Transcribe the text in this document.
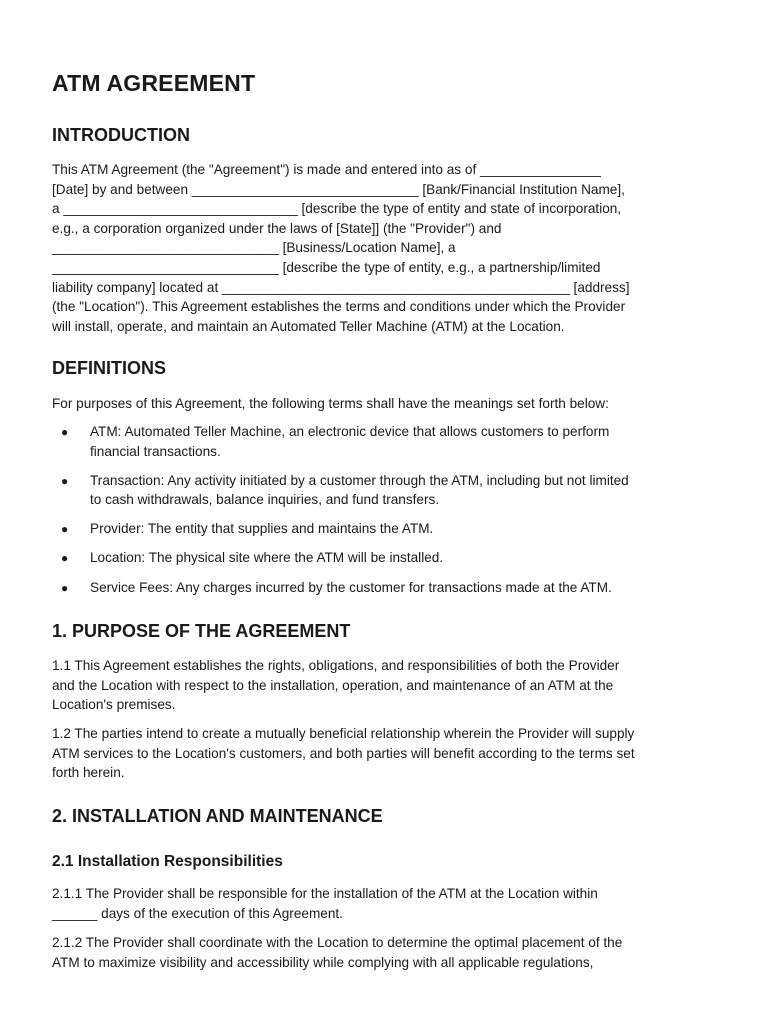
ATM AGREEMENT
INTRODUCTION

This ATM Agreement (the "Agreement") is made and entered into as of ________________
[Date] by and between ______________________________ [Bank/Financial Institution Name],
a _______________________________ [describe the type of entity and state of incorporation,
e.g., a corporation organized under the laws of [State]] (the "Provider") and
______________________________ [Business/Location Name], a
______________________________ [describe the type of entity, e.g., a partnership/limited
liability company] located at ______________________________________________ [address]
(the "Location"). This Agreement establishes the terms and conditions under which the Provider
will install, operate, and maintain an Automated Teller Machine (ATM) at the Location.

DEFINITIONS

For purposes of this Agreement, the following terms shall have the meanings set forth below:

● ATM: Automated Teller Machine, an electronic device that allows customers to perform
financial transactions.
● Transaction: Any activity initiated by a customer through the ATM, including but not limited
to cash withdrawals, balance inquiries, and fund transfers.
● Provider: The entity that supplies and maintains the ATM.
● Location: The physical site where the ATM will be installed.
● Service Fees: Any charges incurred by the customer for transactions made at the ATM.
1. PURPOSE OF THE AGREEMENT

1.1 This Agreement establishes the rights, obligations, and responsibilities of both the Provider
and the Location with respect to the installation, operation, and maintenance of an ATM at the
Location's premises.

1.2 The parties intend to create a mutually beneficial relationship wherein the Provider will supply
ATM services to the Location's customers, and both parties will benefit according to the terms set
forth herein.

2. INSTALLATION AND MAINTENANCE
2.1 Installation Responsibilities

2.1.1 The Provider shall be responsible for the installation of the ATM at the Location within
______ days of the execution of this Agreement.

2.1.2 The Provider shall coordinate with the Location to determine the optimal placement of the
ATM to maximize visibility and accessibility while complying with all applicable regulations,
